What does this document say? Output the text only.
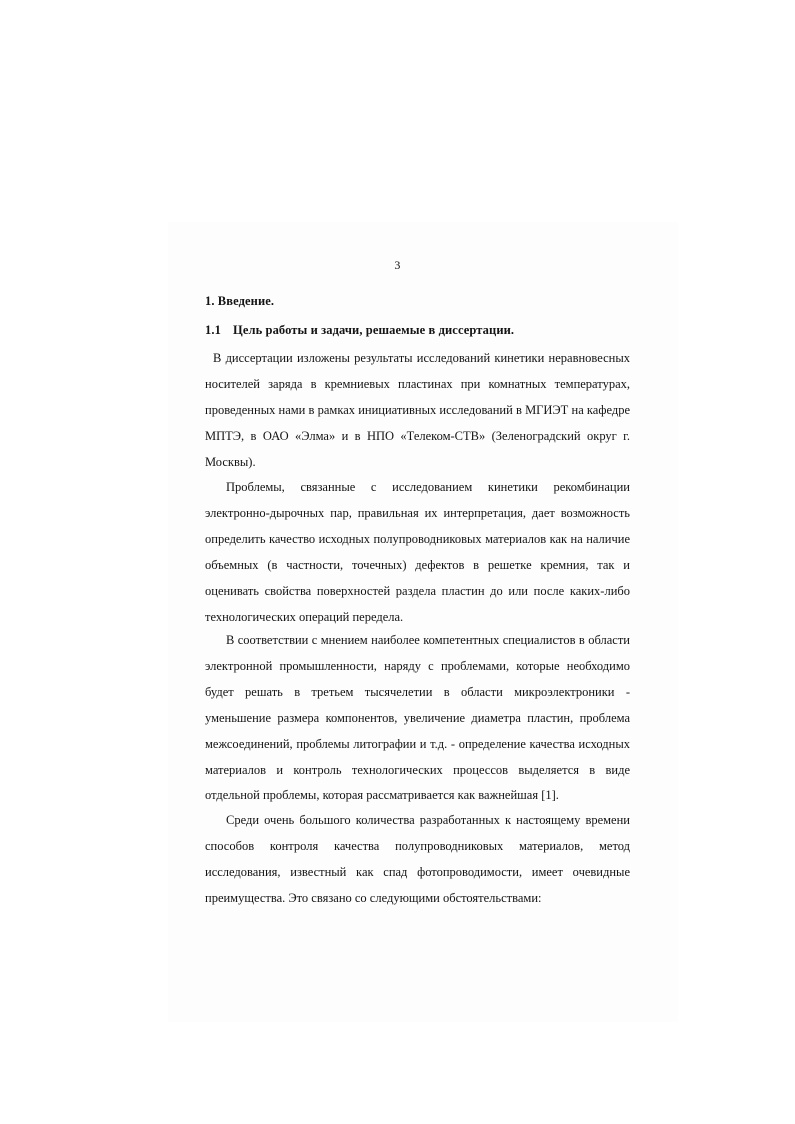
3
1. Введение.
1.1 Цель работы и задачи, решаемые в диссертации.

В диссертации изложены результаты исследований кинетики неравновесных носителей заряда в кремниевых пластинах при комнатных температурах, проведенных нами в рамках инициативных исследований в МГИЭТ на кафедре МПТЭ, в ОАО «Элма» и в НПО «Телеком-СТВ» (Зеленоградский округ г. Москвы).

Проблемы, связанные с исследованием кинетики рекомбинации электронно-дырочных пар, правильная их интерпретация, дает возможность определить качество исходных полупроводниковых материалов как на наличие объемных (в частности, точечных) дефектов в решетке кремния, так и оценивать свойства поверхностей раздела пластин до или после каких-либо технологических операций передела.

В соответствии с мнением наиболее компетентных специалистов в области электронной промышленности, наряду с проблемами, которые необходимо будет решать в третьем тысячелетии в области микроэлектроники - уменьшение размера компонентов, увеличение диаметра пластин, проблема межсоединений, проблемы литографии и т.д. - определение качества исходных материалов и контроль технологических процессов выделяется в виде отдельной проблемы, которая рассматривается как важнейшая [1].

Среди очень большого количества разработанных к настоящему времени способов контроля качества полупроводниковых материалов, метод исследования, известный как спад фотопроводимости, имеет очевидные преимущества. Это связано со следующими обстоятельствами:
